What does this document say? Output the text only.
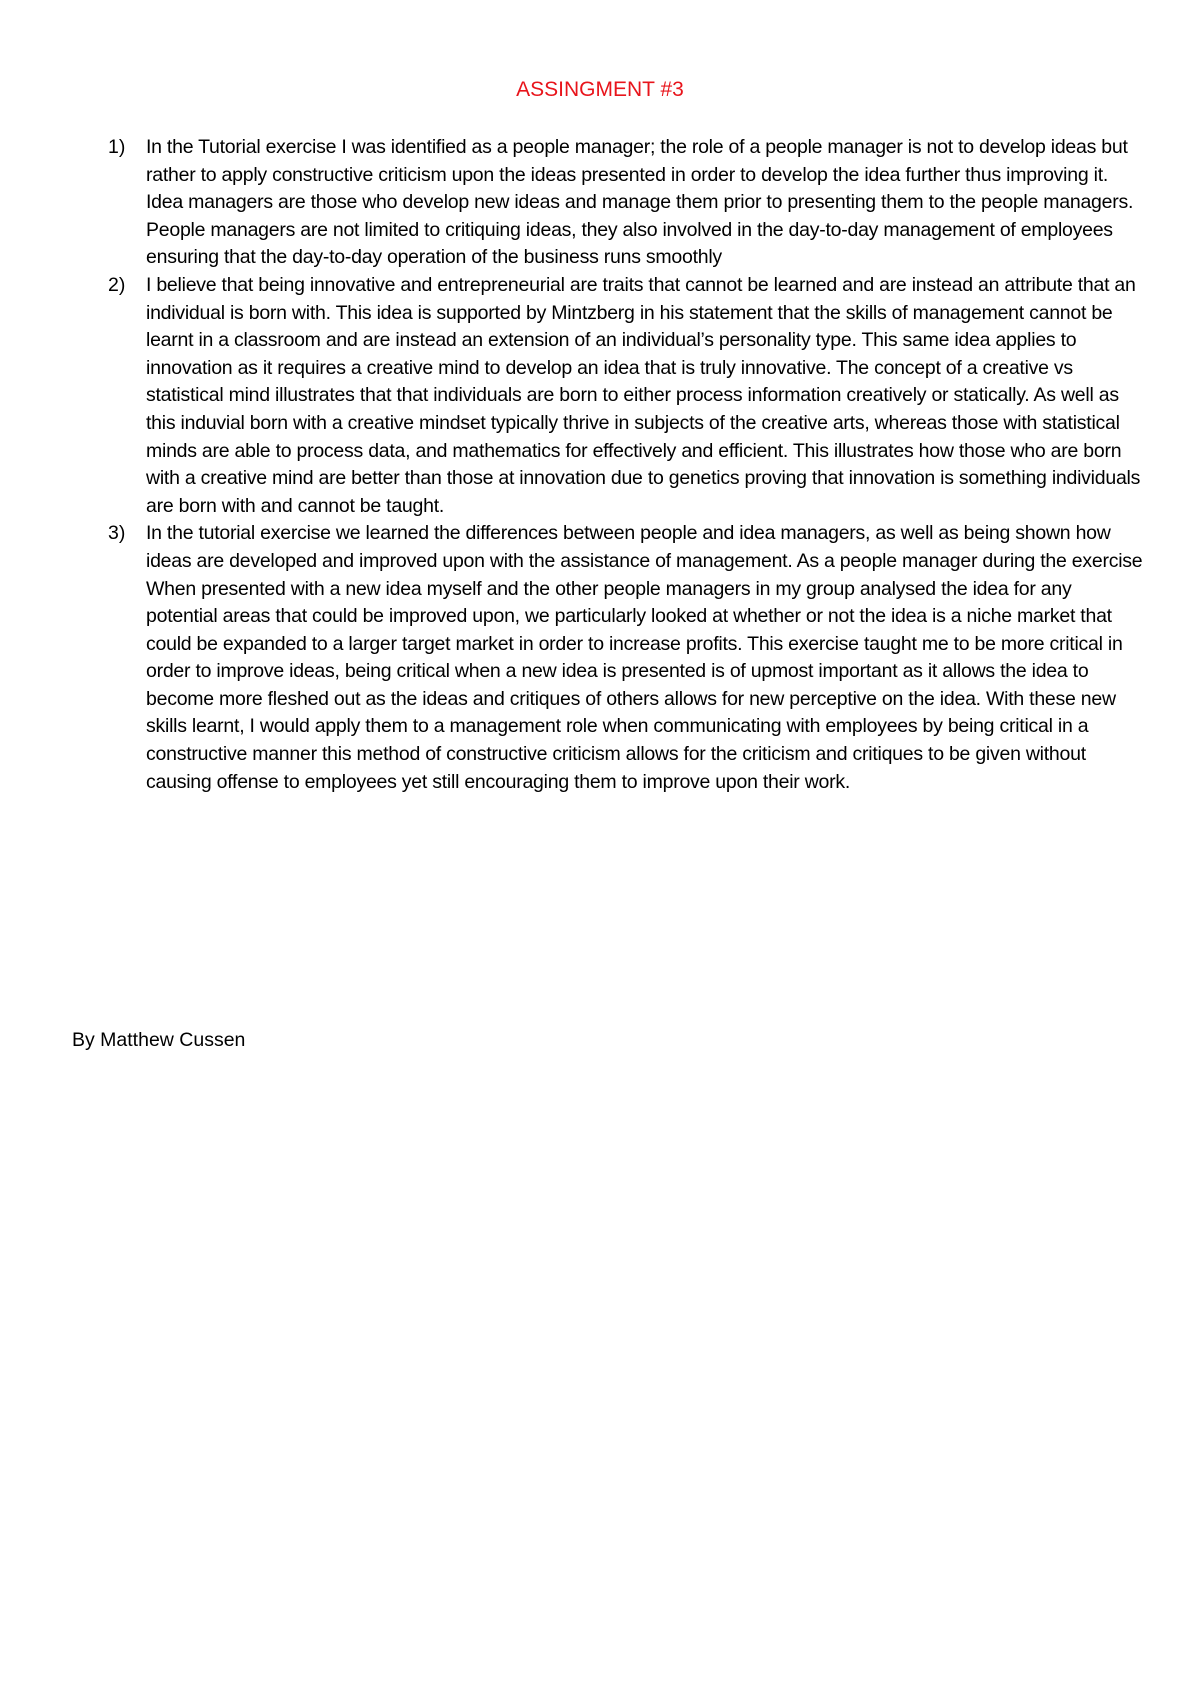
ASSINGMENT #3
1)	In the Tutorial exercise I was identified as a people manager; the role of a people manager is not to develop ideas but rather to apply constructive criticism upon the ideas presented in order to develop the idea further thus improving it. Idea managers are those who develop new ideas and manage them prior to presenting them to the people managers. People managers are not limited to critiquing ideas, they also involved in the day-to-day management of employees ensuring that the day-to-day operation of the business runs smoothly
2)	I believe that being innovative and entrepreneurial are traits that cannot be learned and are instead an attribute that an individual is born with. This idea is supported by Mintzberg in his statement that the skills of management cannot be learnt in a classroom and are instead an extension of an individual’s personality type. This same idea applies to innovation as it requires a creative mind to develop an idea that is truly innovative. The concept of a creative vs statistical mind illustrates that that individuals are born to either process information creatively or statically. As well as this induvial born with a creative mindset typically thrive in subjects of the creative arts, whereas those with statistical minds are able to process data, and mathematics for effectively and efficient. This illustrates how those who are born with a creative mind are better than those at innovation due to genetics proving that innovation is something individuals are born with and cannot be taught.
3)	In the tutorial exercise we learned the differences between people and idea managers, as well as being shown how ideas are developed and improved upon with the assistance of management. As a people manager during the exercise When presented with a new idea myself and the other people managers in my group analysed the idea for any potential areas that could be improved upon, we particularly looked at whether or not the idea is a niche market that could be expanded to a larger target market in order to increase profits. This exercise taught me to be more critical in order to improve ideas, being critical when a new idea is presented is of upmost important as it allows the idea to become more fleshed out as the ideas and critiques of others allows for new perceptive on the idea. With these new skills learnt, I would apply them to a management role when communicating with employees by being critical in a constructive manner this method of constructive criticism allows for the criticism and critiques to be given without causing offense to employees yet still encouraging them to improve upon their work.
By Matthew Cussen
